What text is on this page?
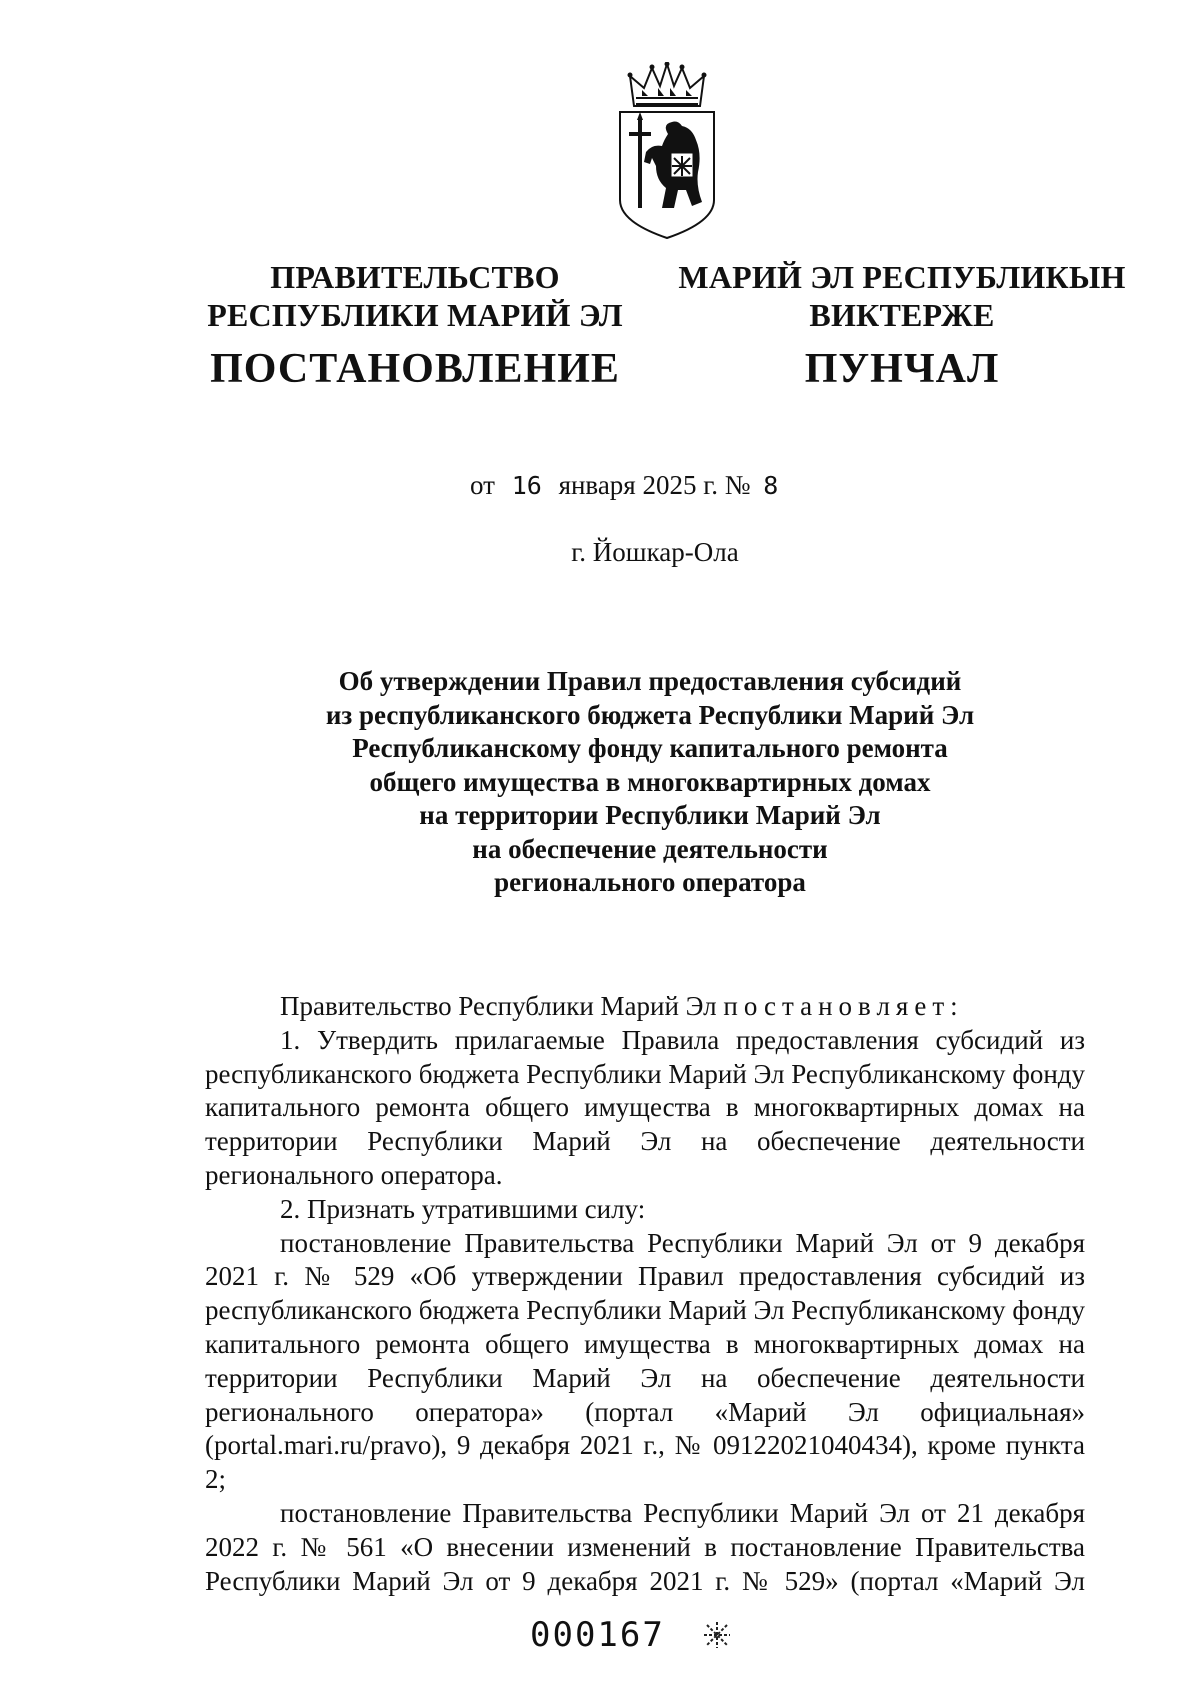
ПРАВИТЕЛЬСТВО
РЕСПУБЛИКИ МАРИЙ ЭЛ
ПОСТАНОВЛЕНИЕ
МАРИЙ ЭЛ РЕСПУБЛИКЫН
ВИКТЕРЖЕ
ПУНЧАЛ
от 16 января 2025 г. № 8
г. Йошкар-Ола
Об утверждении Правил предоставления субсидий
из республиканского бюджета Республики Марий Эл
Республиканскому фонду капитального ремонта
общего имущества в многоквартирных домах
на территории Республики Марий Эл
на обеспечение деятельности
регионального оператора

Правительство Республики Марий Эл постановляет:

1. Утвердить прилагаемые Правила предоставления субсидий из республиканского бюджета Республики Марий Эл Республиканскому фонду капитального ремонта общего имущества в многоквартирных домах на территории Республики Марий Эл на обеспечение деятельности регионального оператора.

2. Признать утратившими силу:

постановление Правительства Республики Марий Эл от 9 декабря 2021 г. № 529 «Об утверждении Правил предоставления субсидий из республиканского бюджета Республики Марий Эл Республиканскому фонду капитального ремонта общего имущества в многоквартирных домах на территории Республики Марий Эл на обеспечение деятельности регионального оператора» (портал «Марий Эл официальная» (portal.mari.ru/pravo), 9 декабря 2021 г., № 09122021040434), кроме пункта 2;

постановление Правительства Республики Марий Эл от 21 декабря 2022 г. № 561 «О внесении изменений в постановление Правительства Республики Марий Эл от 9 декабря 2021 г. № 529» (портал «Марий Эл

000167
